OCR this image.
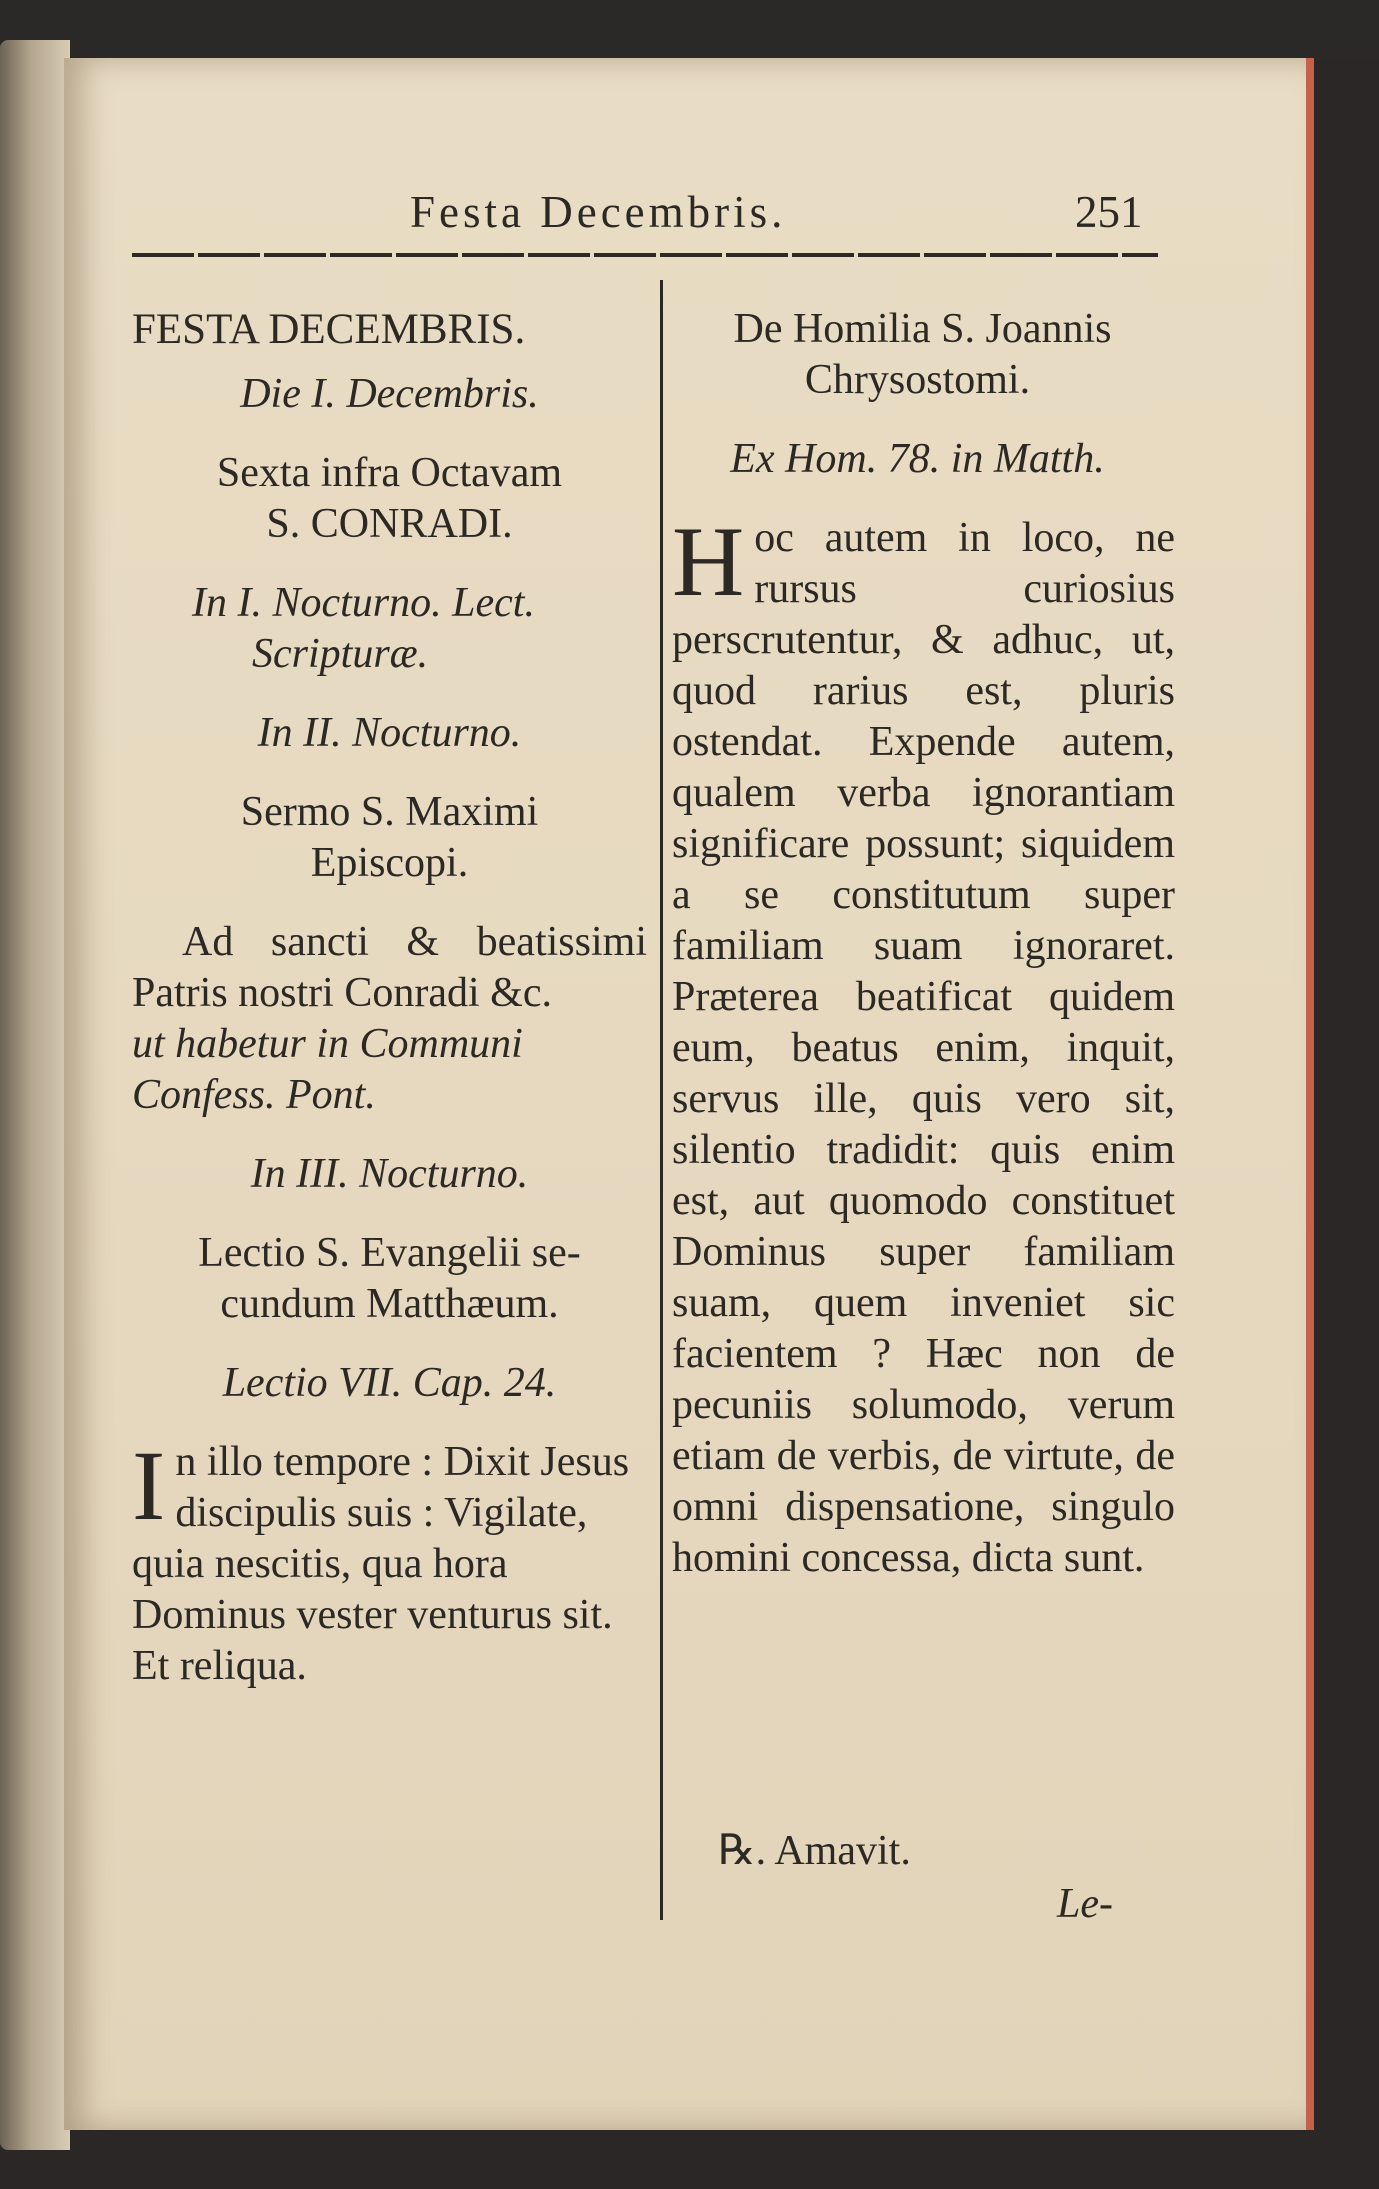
Festa Decembris.	251

FESTA DECEMBRIS.

Die I. Decembris.

Sexta infra Octavam

S. CONRADI.

In I. Nocturno. Lect. Scripturæ.

In II. Nocturno.

Sermo S. Maximi

Episcopi.

Ad sancti & beatissimi Patris nostri Conradi &c.

ut habetur in Communi Confess. Pont.

In III. Nocturno.

Lectio S. Evangelii se-

cundum Matthæum.

Lectio VII. Cap. 24.

I n illo tempore : Dixit Jesus discipulis suis : Vigilate, quia nescitis, qua hora Dominus vester venturus sit. Et reliqua.

De Homilia S. Joannis

Chrysostomi.

Ex Hom. 78. in Matth.

H oc autem in loco, ne rursus curiosius perscrutentur, & adhuc, ut, quod rarius est, pluris ostendat. Expende autem, qualem verba ignorantiam significare possunt; siquidem a se constitutum super familiam suam ignoraret. Præterea beatificat quidem eum, beatus enim, inquit, servus ille, quis vero sit, silentio tradidit: quis enim est, aut quomodo constituet Dominus super familiam suam, quem inveniet sic facientem ? Hæc non de pecuniis solumodo, verum etiam de verbis, de virtute, de omni dispensatione, singulo homini concessa, dicta sunt.
℞. Amavit.
Le-
